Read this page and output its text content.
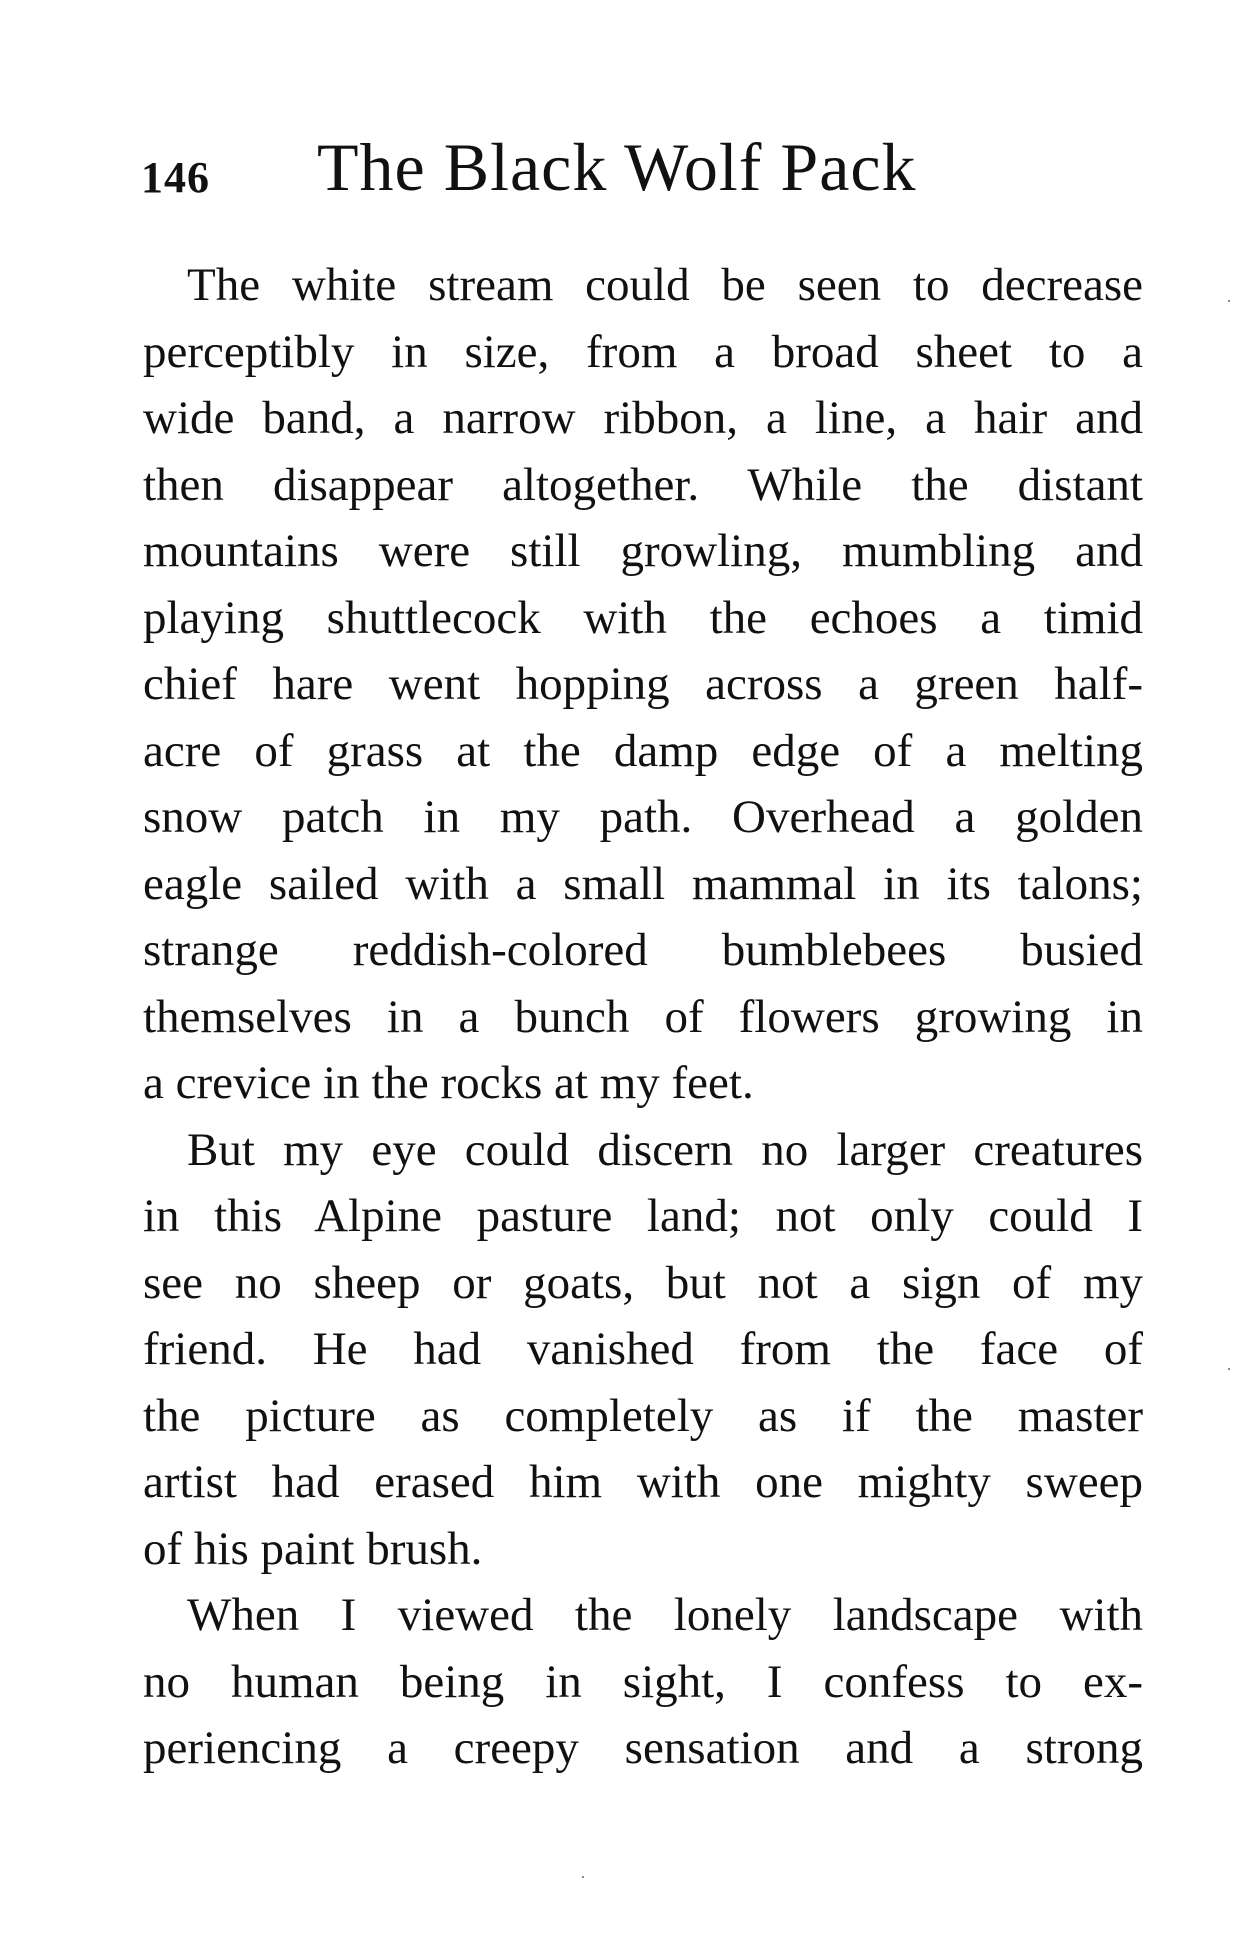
146 The Black Wolf Pack
The white stream could be seen to decrease
perceptibly in size, from a broad sheet to a
wide band, a narrow ribbon, a line, a hair and
then disappear altogether. While the distant
mountains were still growling, mumbling and
playing shuttlecock with the echoes a timid
chief hare went hopping across a green half-
acre of grass at the damp edge of a melting
snow patch in my path. Overhead a golden
eagle sailed with a small mammal in its talons;
strange reddish-colored bumblebees busied
themselves in a bunch of flowers growing in
a crevice in the rocks at my feet.
But my eye could discern no larger creatures
in this Alpine pasture land; not only could I
see no sheep or goats, but not a sign of my
friend. He had vanished from the face of
the picture as completely as if the master
artist had erased him with one mighty sweep
of his paint brush.
When I viewed the lonely landscape with
no human being in sight, I confess to ex-
periencing a creepy sensation and a strong
